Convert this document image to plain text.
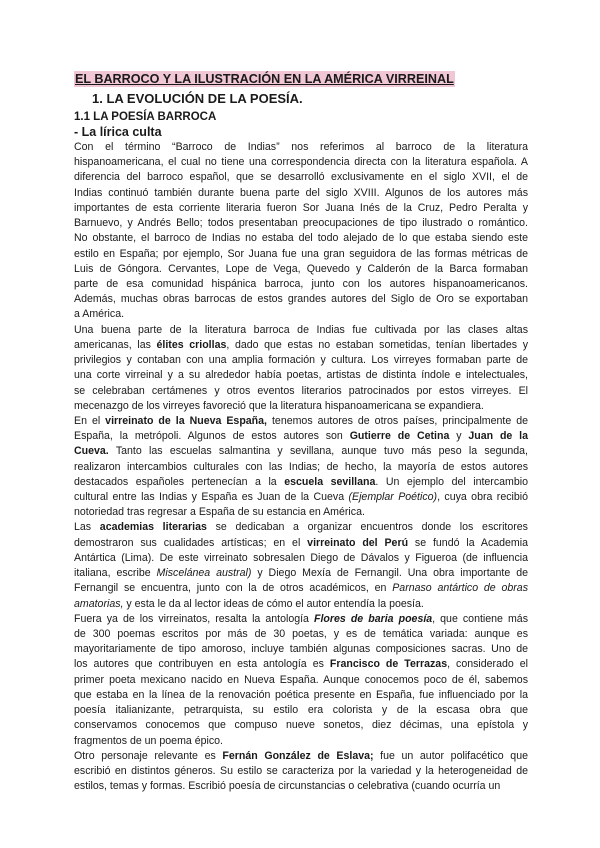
EL BARROCO Y LA ILUSTRACIÓN EN LA AMÉRICA VIRREINAL
1. LA EVOLUCIÓN DE LA POESÍA.
1.1 LA POESÍA BARROCA
- La lírica culta

Con el término “Barroco de Indias” nos referimos al barroco de la literatura
hispanoamericana, el cual no tiene una correspondencia directa con la literatura española. A
diferencia del barroco español, que se desarrolló exclusivamente en el siglo XVII, el de
Indias continuó también durante buena parte del siglo XVIII. Algunos de los autores más
importantes de esta corriente literaria fueron Sor Juana Inés de la Cruz, Pedro Peralta y
Barnuevo, y Andrés Bello; todos presentaban preocupaciones de tipo ilustrado o romántico.
No obstante, el barroco de Indias no estaba del todo alejado de lo que estaba siendo este
estilo en España; por ejemplo, Sor Juana fue una gran seguidora de las formas métricas de
Luis de Góngora. Cervantes, Lope de Vega, Quevedo y Calderón de la Barca formaban
parte de esa comunidad hispánica barroca, junto con los autores hispanoamericanos.
Además, muchas obras barrocas de estos grandes autores del Siglo de Oro se exportaban
a América.

Una buena parte de la literatura barroca de Indias fue cultivada por las clases altas
americanas, las élites criollas, dado que estas no estaban sometidas, tenían libertades y
privilegios y contaban con una amplia formación y cultura. Los virreyes formaban parte de
una corte virreinal y a su alrededor había poetas, artistas de distinta índole e intelectuales,
se celebraban certámenes y otros eventos literarios patrocinados por estos virreyes. El
mecenazgo de los virreyes favoreció que la literatura hispanoamericana se expandiera.

En el virreinato de la Nueva España, tenemos autores de otros países, principalmente de
España, la metrópoli. Algunos de estos autores son Gutierre de Cetina y Juan de la
Cueva. Tanto las escuelas salmantina y sevillana, aunque tuvo más peso la segunda,
realizaron intercambios culturales con las Indias; de hecho, la mayoría de estos autores
destacados españoles pertenecían a la escuela sevillana. Un ejemplo del intercambio
cultural entre las Indias y España es Juan de la Cueva (Ejemplar Poético), cuya obra recibió
notoriedad tras regresar a España de su estancia en América.

Las academias literarias se dedicaban a organizar encuentros donde los escritores
demostraron sus cualidades artísticas; en el virreinato del Perú se fundó la Academia
Antártica (Lima). De este virreinato sobresalen Diego de Dávalos y Figueroa (de influencia
italiana, escribe Miscelánea austral) y Diego Mexía de Fernangil. Una obra importante de
Fernangil se encuentra, junto con la de otros académicos, en Parnaso antártico de obras
amatorias, y esta le da al lector ideas de cómo el autor entendía la poesía.

Fuera ya de los virreinatos, resalta la antología Flores de baria poesía, que contiene más
de 300 poemas escritos por más de 30 poetas, y es de temática variada: aunque es
mayoritariamente de tipo amoroso, incluye también algunas composiciones sacras. Uno de
los autores que contribuyen en esta antología es Francisco de Terrazas, considerado el
primer poeta mexicano nacido en Nueva España. Aunque conocemos poco de él, sabemos
que estaba en la línea de la renovación poética presente en España, fue influenciado por la
poesía italianizante, petrarquista, su estilo era colorista y de la escasa obra que
conservamos conocemos que compuso nueve sonetos, diez décimas, una epístola y
fragmentos de un poema épico.

Otro personaje relevante es Fernán González de Eslava; fue un autor polifacético que
escribió en distintos géneros. Su estilo se caracteriza por la variedad y la heterogeneidad de
estilos, temas y formas. Escribió poesía de circunstancias o celebrativa (cuando ocurría un
